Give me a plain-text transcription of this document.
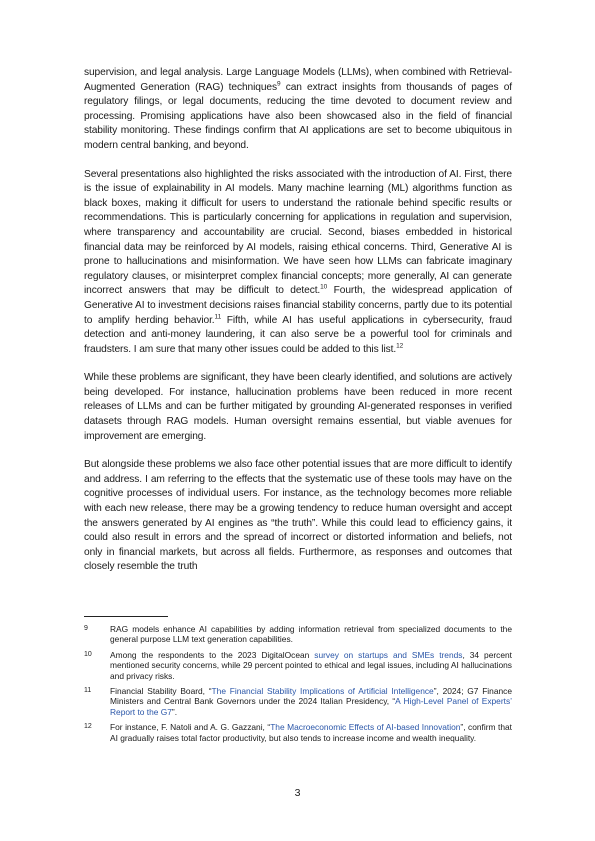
supervision, and legal analysis. Large Language Models (LLMs), when combined with Retrieval-Augmented Generation (RAG) techniques$^9$ can extract insights from thousands of pages of regulatory filings, or legal documents, reducing the time devoted to document review and processing. Promising applications have also been showcased also in the field of financial stability monitoring. These findings confirm that AI applications are set to become ubiquitous in modern central banking, and beyond.

Several presentations also highlighted the risks associated with the introduction of AI. First, there is the issue of explainability in AI models. Many machine learning (ML) algorithms function as black boxes, making it difficult for users to understand the rationale behind specific results or recommendations. This is particularly concerning for applications in regulation and supervision, where transparency and accountability are crucial. Second, biases embedded in historical financial data may be reinforced by AI models, raising ethical concerns. Third, Generative AI is prone to hallucinations and misinformation. We have seen how LLMs can fabricate imaginary regulatory clauses, or misinterpret complex financial concepts; more generally, AI can generate incorrect answers that may be difficult to detect.$^{10}$ Fourth, the widespread application of Generative AI to investment decisions raises financial stability concerns, partly due to its potential to amplify herding behavior.$^{11}$ Fifth, while AI has useful applications in cybersecurity, fraud detection and anti-money laundering, it can also serve be a powerful tool for criminals and fraudsters. I am sure that many other issues could be added to this list.$^{12}$

While these problems are significant, they have been clearly identified, and solutions are actively being developed. For instance, hallucination problems have been reduced in more recent releases of LLMs and can be further mitigated by grounding AI-generated responses in verified datasets through RAG models. Human oversight remains essential, but viable avenues for improvement are emerging.

But alongside these problems we also face other potential issues that are more difficult to identify and address. I am referring to the effects that the systematic use of these tools may have on the cognitive processes of individual users. For instance, as the technology becomes more reliable with each new release, there may be a growing tendency to reduce human oversight and accept the answers generated by AI engines as “the truth”. While this could lead to efficiency gains, it could also result in errors and the spread of incorrect or distorted information and beliefs, not only in financial markets, but across all fields. Furthermore, as responses and outcomes that closely resemble the truth

9	RAG models enhance AI capabilities by adding information retrieval from specialized documents to the general purpose LLM text generation capabilities.
10	Among the respondents to the 2023 DigitalOcean survey on startups and SMEs trends, 34 percent mentioned security concerns, while 29 percent pointed to ethical and legal issues, including AI hallucinations and privacy risks.
11	Financial Stability Board, “The Financial Stability Implications of Artificial Intelligence”, 2024; G7 Finance Ministers and Central Bank Governors under the 2024 Italian Presidency, “A High-Level Panel of Experts’ Report to the G7”.
12	For instance, F. Natoli and A. G. Gazzani, “The Macroeconomic Effects of AI-based Innovation”, confirm that AI gradually raises total factor productivity, but also tends to increase income and wealth inequality.
3
